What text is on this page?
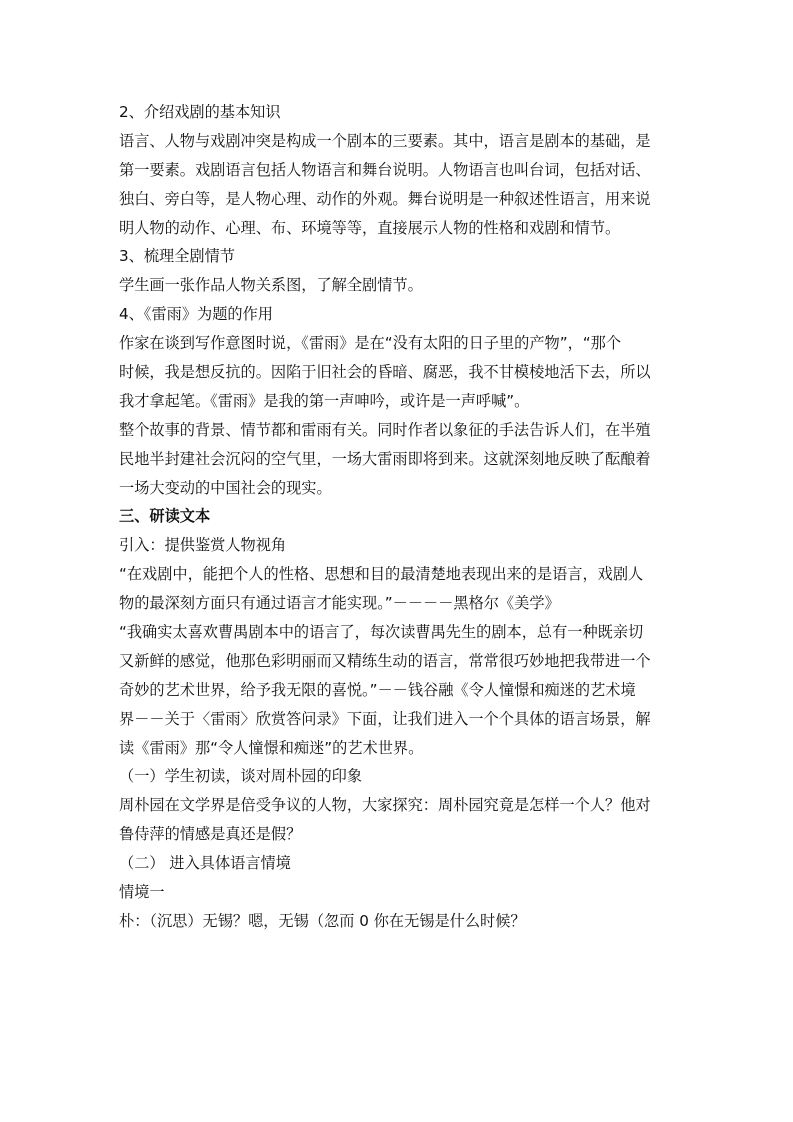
2、介绍戏剧的基本知识
语言、人物与戏剧冲突是构成一个剧本的三要素。其中，语言是剧本的基础，是
第一要素。戏剧语言包括人物语言和舞台说明。人物语言也叫台词，包括对话、
独白、旁白等，是人物心理、动作的外观。舞台说明是一种叙述性语言，用来说
明人物的动作、心理、布、环境等等，直接展示人物的性格和戏剧和情节。
3、梳理全剧情节
学生画一张作品人物关系图，了解全剧情节。
4、《雷雨》为题的作用
作家在谈到写作意图时说，《雷雨》是在“没有太阳的日子里的产物”，“那个
时候，我是想反抗的。因陷于旧社会的昏暗、腐恶，我不甘模棱地活下去，所以
我才拿起笔。《雷雨》是我的第一声呻吟，或许是一声呼喊”。
整个故事的背景、情节都和雷雨有关。同时作者以象征的手法告诉人们，在半殖
民地半封建社会沉闷的空气里，一场大雷雨即将到来。这就深刻地反映了酝酿着
一场大变动的中国社会的现实。
三、研读文本
引入：提供鉴赏人物视角
“在戏剧中，能把个人的性格、思想和目的最清楚地表现出来的是语言，戏剧人
物的最深刻方面只有通过语言才能实现。”－－－－黑格尔《美学》
“我确实太喜欢曹禺剧本中的语言了，每次读曹禺先生的剧本，总有一种既亲切
又新鲜的感觉，他那色彩明丽而又精练生动的语言，常常很巧妙地把我带进一个
奇妙的艺术世界，给予我无限的喜悦。”－－钱谷融《令人憧憬和痴迷的艺术境
界－－关于〈雷雨〉欣赏答问录》下面，让我们进入一个个具体的语言场景，解
读《雷雨》那“令人憧憬和痴迷”的艺术世界。
（一）学生初读，谈对周朴园的印象
周朴园在文学界是倍受争议的人物，大家探究：周朴园究竟是怎样一个人？他对
鲁侍萍的情感是真还是假？
（二） 进入具体语言情境
情境一
朴：（沉思）无锡？嗯，无锡（忽而 0 你在无锡是什么时候？
